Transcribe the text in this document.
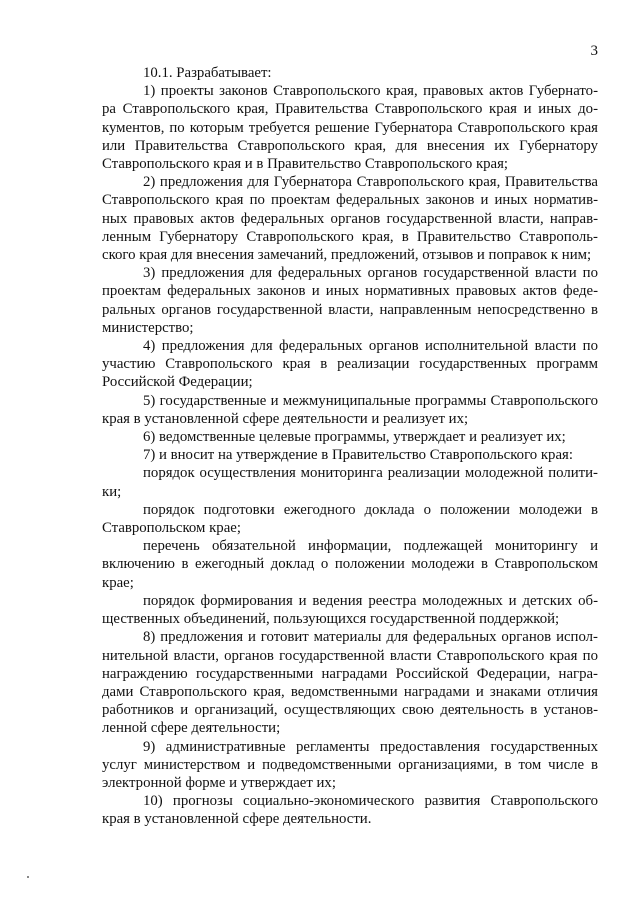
3
10.1. Разрабатывает:
1) проекты законов Ставропольского края, правовых актов Губернато-
ра Ставропольского края, Правительства Ставропольского края и иных до-
кументов, по которым требуется решение Губернатора Ставропольского края
или Правительства Ставропольского края, для внесения их Губернатору
Ставропольского края и в Правительство Ставропольского края;
2) предложения для Губернатора Ставропольского края, Правительства
Ставропольского края по проектам федеральных законов и иных норматив-
ных правовых актов федеральных органов государственной власти, направ-
ленным Губернатору Ставропольского края, в Правительство Ставрополь-
ского края для внесения замечаний, предложений, отзывов и поправок к ним;
3) предложения для федеральных органов государственной власти по
проектам федеральных законов и иных нормативных правовых актов феде-
ральных органов государственной власти, направленным непосредственно в
министерство;
4) предложения для федеральных органов исполнительной власти по
участию Ставропольского края в реализации государственных программ
Российской Федерации;
5) государственные и межмуниципальные программы Ставропольского
края в установленной сфере деятельности и реализует их;
6) ведомственные целевые программы, утверждает и реализует их;
7) и вносит на утверждение в Правительство Ставропольского края:
порядок осуществления мониторинга реализации молодежной полити-
ки;
порядок подготовки ежегодного доклада о положении молодежи в
Ставропольском крае;
перечень обязательной информации, подлежащей мониторингу и
включению в ежегодный доклад о положении молодежи в Ставропольском
крае;
порядок формирования и ведения реестра молодежных и детских об-
щественных объединений, пользующихся государственной поддержкой;
8) предложения и готовит материалы для федеральных органов испол-
нительной власти, органов государственной власти Ставропольского края по
награждению государственными наградами Российской Федерации, награ-
дами Ставропольского края, ведомственными наградами и знаками отличия
работников и организаций, осуществляющих свою деятельность в установ-
ленной сфере деятельности;
9) административные регламенты предоставления государственных
услуг министерством и подведомственными организациями, в том числе в
электронной форме и утверждает их;
10) прогнозы социально-экономического развития Ставропольского
края в установленной сфере деятельности.
